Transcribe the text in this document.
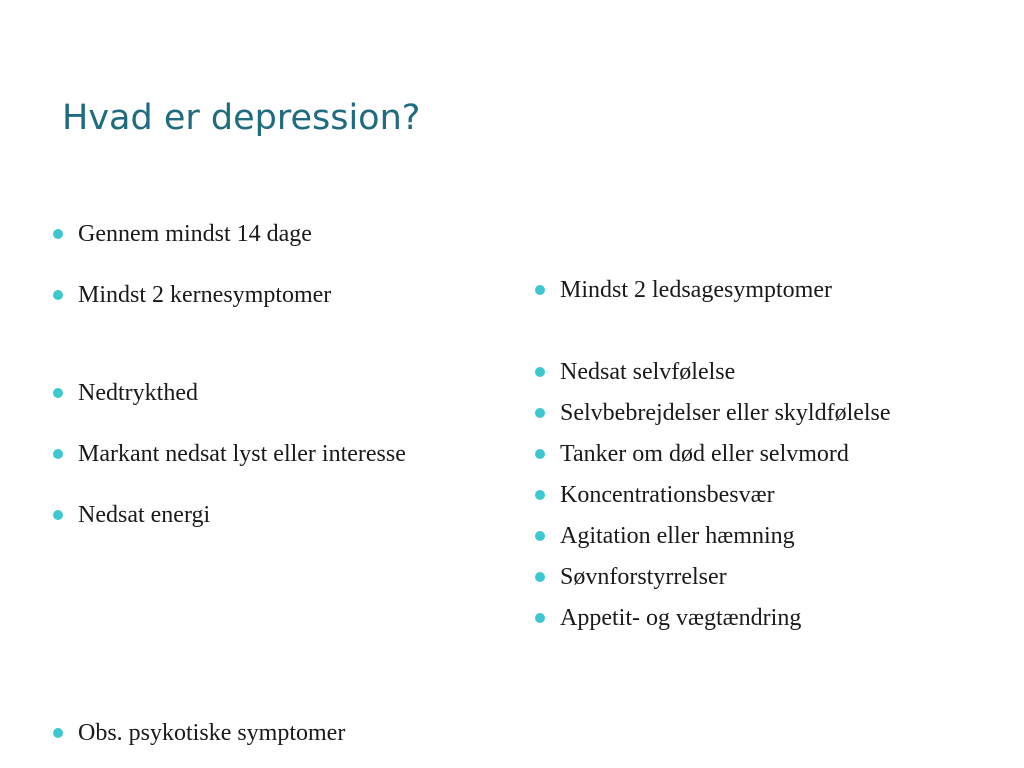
Hvad er depression?
Gennem mindst 14 dage
Mindst 2 kernesymptomer
Nedtrykthed
Markant nedsat lyst eller interesse
Nedsat energi
Obs. psykotiske symptomer
Mindst 2 ledsagesymptomer
Nedsat selvfølelse
Selvbebrejdelser eller skyldfølelse
Tanker om død eller selvmord
Koncentrationsbesvær
Agitation eller hæmning
Søvnforstyrrelser
Appetit- og vægtændring
